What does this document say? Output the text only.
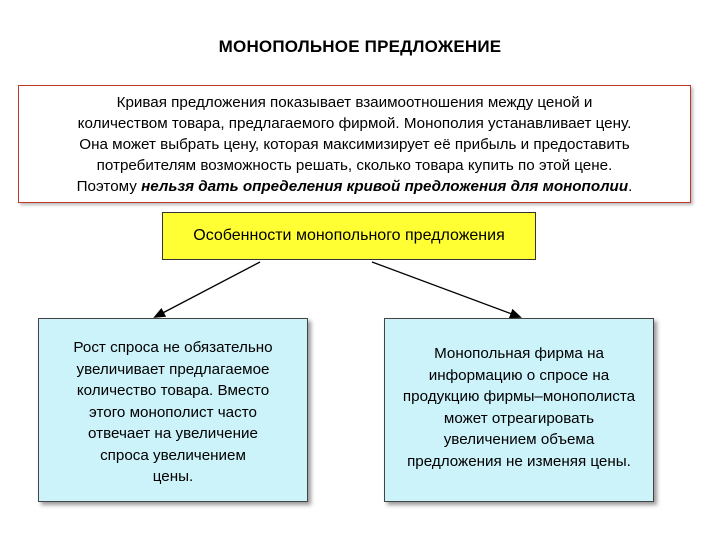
МОНОПОЛЬНОЕ ПРЕДЛОЖЕНИЕ
Кривая предложения показывает взаимоотношения между ценой и
количеством товара, предлагаемого фирмой. Монополия устанавливает цену.
Она может выбрать цену, которая максимизирует её прибыль и предоставить
потребителям возможность решать, сколько товара купить по этой цене.
Поэтому нельзя дать определения кривой предложения для монополии.
Особенности монопольного предложения
Рост спроса не обязательно
увеличивает предлагаемое
количество товара. Вместо
этого монополист часто
отвечает на увеличение
спроса увеличением
цены.
Монопольная фирма на
информацию о спросе на
продукцию фирмы–монополиста
может отреагировать
увеличением объема
предложения не изменяя цены.
